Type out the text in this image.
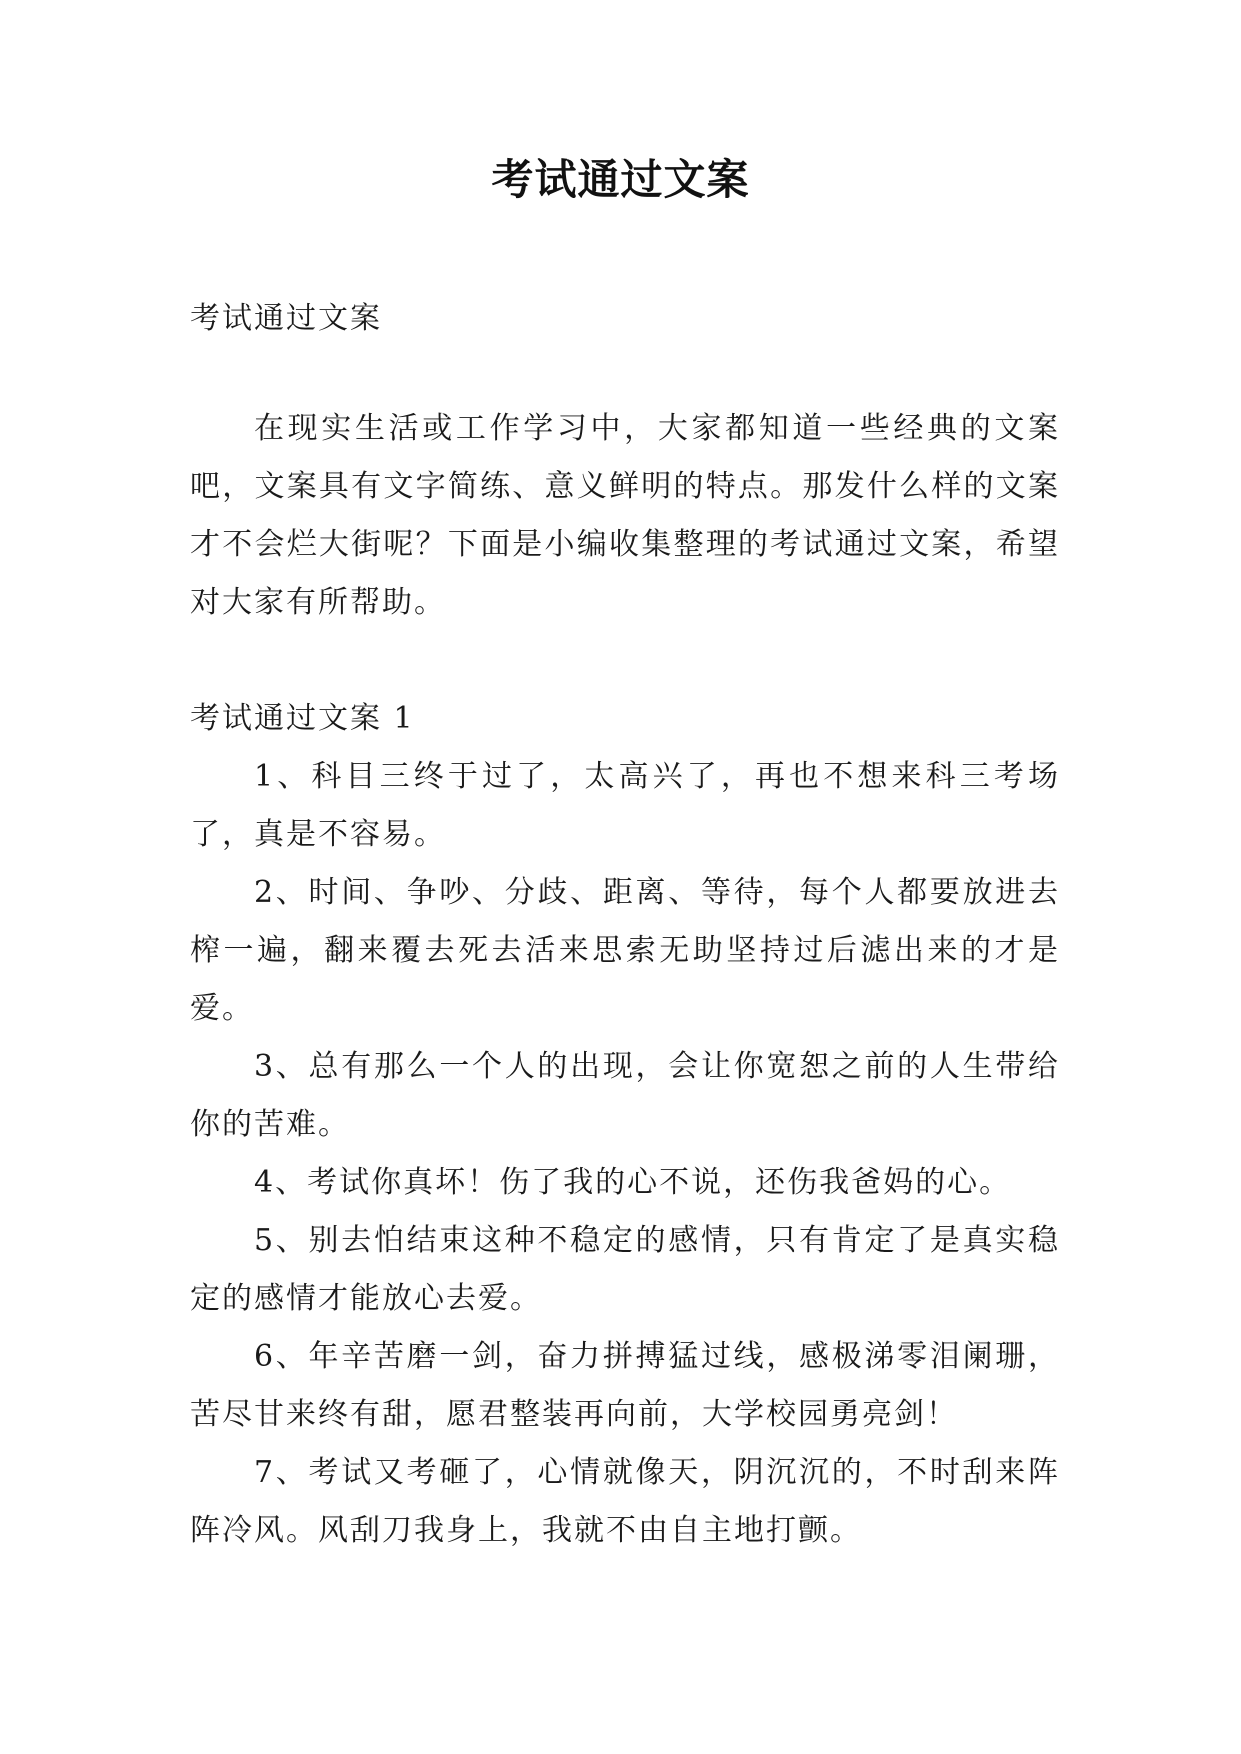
考试通过文案

考试通过文案

在现实生活或工作学习中，大家都知道一些经典的文案吧，文案具有文字简练、意义鲜明的特点。那发什么样的文案才不会烂大街呢？下面是小编收集整理的考试通过文案，希望对大家有所帮助。

考试通过文案 1

1、科目三终于过了，太高兴了，再也不想来科三考场了，真是不容易。

2、时间、争吵、分歧、距离、等待，每个人都要放进去榨一遍，翻来覆去死去活来思索无助坚持过后滤出来的才是爱。

3、总有那么一个人的出现，会让你宽恕之前的人生带给你的苦难。

4、考试你真坏！伤了我的心不说，还伤我爸妈的心。

5、别去怕结束这种不稳定的感情，只有肯定了是真实稳定的感情才能放心去爱。

6、年辛苦磨一剑，奋力拼搏猛过线，感极涕零泪阑珊，苦尽甘来终有甜，愿君整装再向前，大学校园勇亮剑！

7、考试又考砸了，心情就像天，阴沉沉的，不时刮来阵阵冷风。风刮刀我身上，我就不由自主地打颤。
